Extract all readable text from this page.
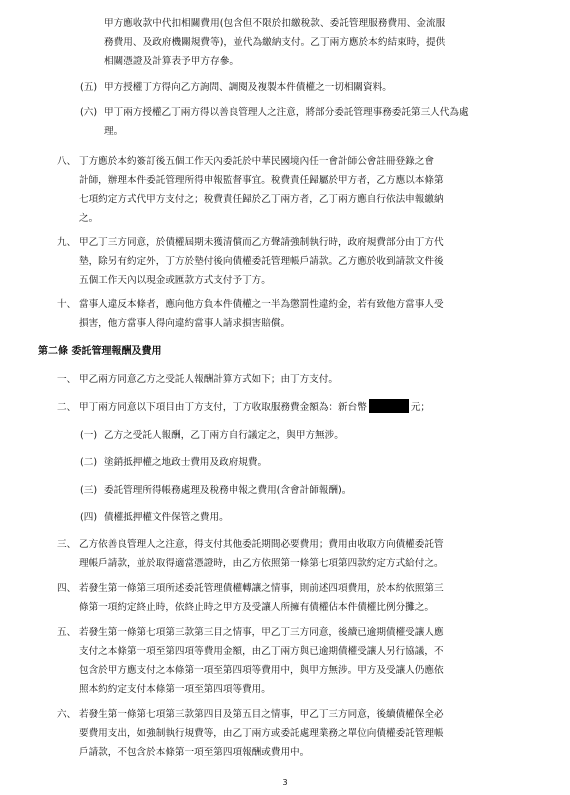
甲方應收款中代扣相關費用(包含但不限於扣繳稅款、委託管理服務費用、金流服
務費用、及政府機關規費等)，並代為繳納支付。乙丁兩方應於本約結束時，提供
相關憑證及計算表予甲方存參。
(五) 甲方授權丁方得向乙方詢問、調閱及複製本件債權之一切相關資料。
(六) 甲丁兩方授權乙丁兩方得以善良管理人之注意，將部分委託管理事務委託第三人代為處
理。
八、 丁方應於本約簽訂後五個工作天內委託於中華民國境內任一會計師公會註冊登錄之會
計師，辦理本件委託管理所得申報監督事宜。稅費責任歸屬於甲方者，乙方應以本條第
七項約定方式代甲方支付之；稅費責任歸於乙丁兩方者，乙丁兩方應自行依法申報繳納
之。
九、 甲乙丁三方同意，於債權屆期未獲清償而乙方聲請強制執行時，政府規費部分由丁方代
墊，除另有約定外，丁方於墊付後向債權委託管理帳戶請款。乙方應於收到請款文件後
五個工作天內以現金或匯款方式支付予丁方。
十、 當事人違反本條者，應向他方負本件債權之一半為懲罰性違約金，若有致他方當事人受
損害，他方當事人得向違約當事人請求損害賠償。
第二條 委託管理報酬及費用
一、 甲乙兩方同意乙方之受託人報酬計算方式如下；由丁方支付。
二、 甲丁兩方同意以下項目由丁方支付，丁方收取服務費金額為：新台幣	元；
(一) 乙方之受託人報酬，乙丁兩方自行議定之，與甲方無涉。
(二) 塗銷抵押權之地政士費用及政府規費。
(三) 委託管理所得帳務處理及稅務申報之費用(含會計師報酬)。
(四) 債權抵押權文件保管之費用。
三、 乙方依善良管理人之注意，得支付其他委託期間必要費用；費用由收取方向債權委託管
理帳戶請款，並於取得適當憑證時，由乙方依照第一條第七項第四款約定方式給付之。
四、 若發生第一條第三項所述委託管理債權轉讓之情事，則前述四項費用，於本約依照第三
條第一項約定終止時，依終止時之甲方及受讓人所擁有債權佔本件債權比例分攤之。
五、 若發生第一條第七項第三款第三目之情事，甲乙丁三方同意，後續已逾期債權受讓人應
支付之本條第一項至第四項等費用金額，由乙丁兩方與已逾期債權受讓人另行協議，不
包含於甲方應支付之本條第一項至第四項等費用中，與甲方無涉。甲方及受讓人仍應依
照本約約定支付本條第一項至第四項等費用。
六、 若發生第一條第七項第三款第四目及第五目之情事，甲乙丁三方同意，後續債權保全必
要費用支出，如強制執行規費等，由乙丁兩方或委託處理業務之單位向債權委託管理帳
戶請款，不包含於本條第一項至第四項報酬或費用中。
3
